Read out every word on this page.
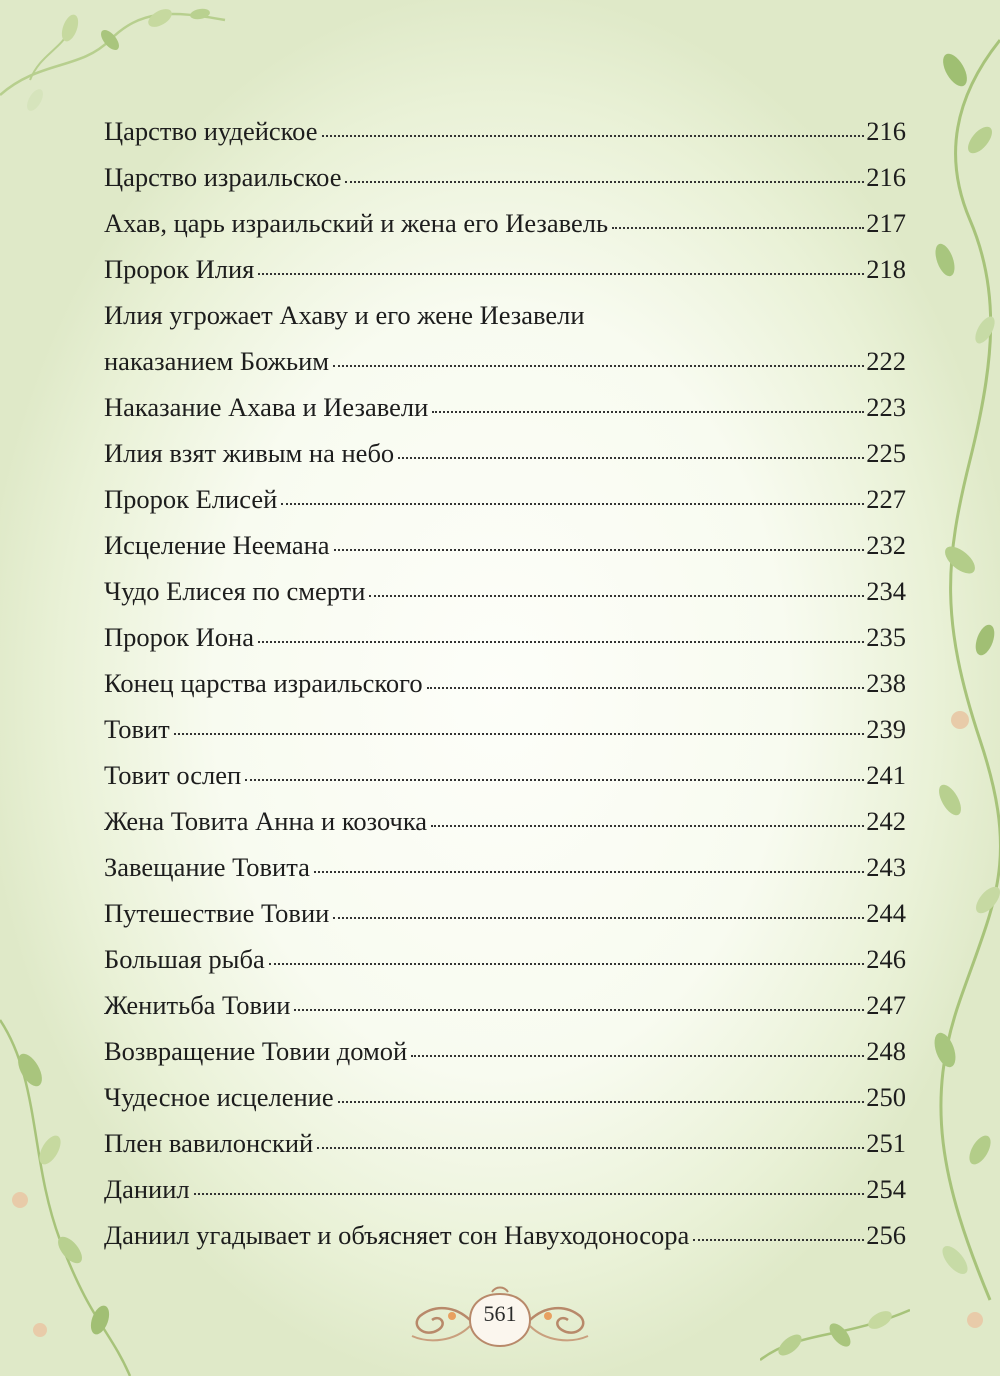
Царство иудейское	216
Царство израильское	216
Ахав, царь израильский и жена его Иезавель	217
Пророк Илия	218
Илия угрожает Ахаву и его жене Иезавели
наказанием Божьим	222
Наказание Ахава и Иезавели	223
Илия взят живым на небо	225
Пророк Елисей	227
Исцеление Неемана	232
Чудо Елисея по смерти	234
Пророк Иона	235
Конец царства израильского	238
Товит	239
Товит ослеп	241
Жена Товита Анна и козочка	242
Завещание Товита	243
Путешествие Товии	244
Большая рыба	246
Женитьба Товии	247
Возвращение Товии домой	248
Чудесное исцеление	250
Плен вавилонский	251
Даниил	254
Даниил угадывает и объясняет сон Навуходоносора	256
561
